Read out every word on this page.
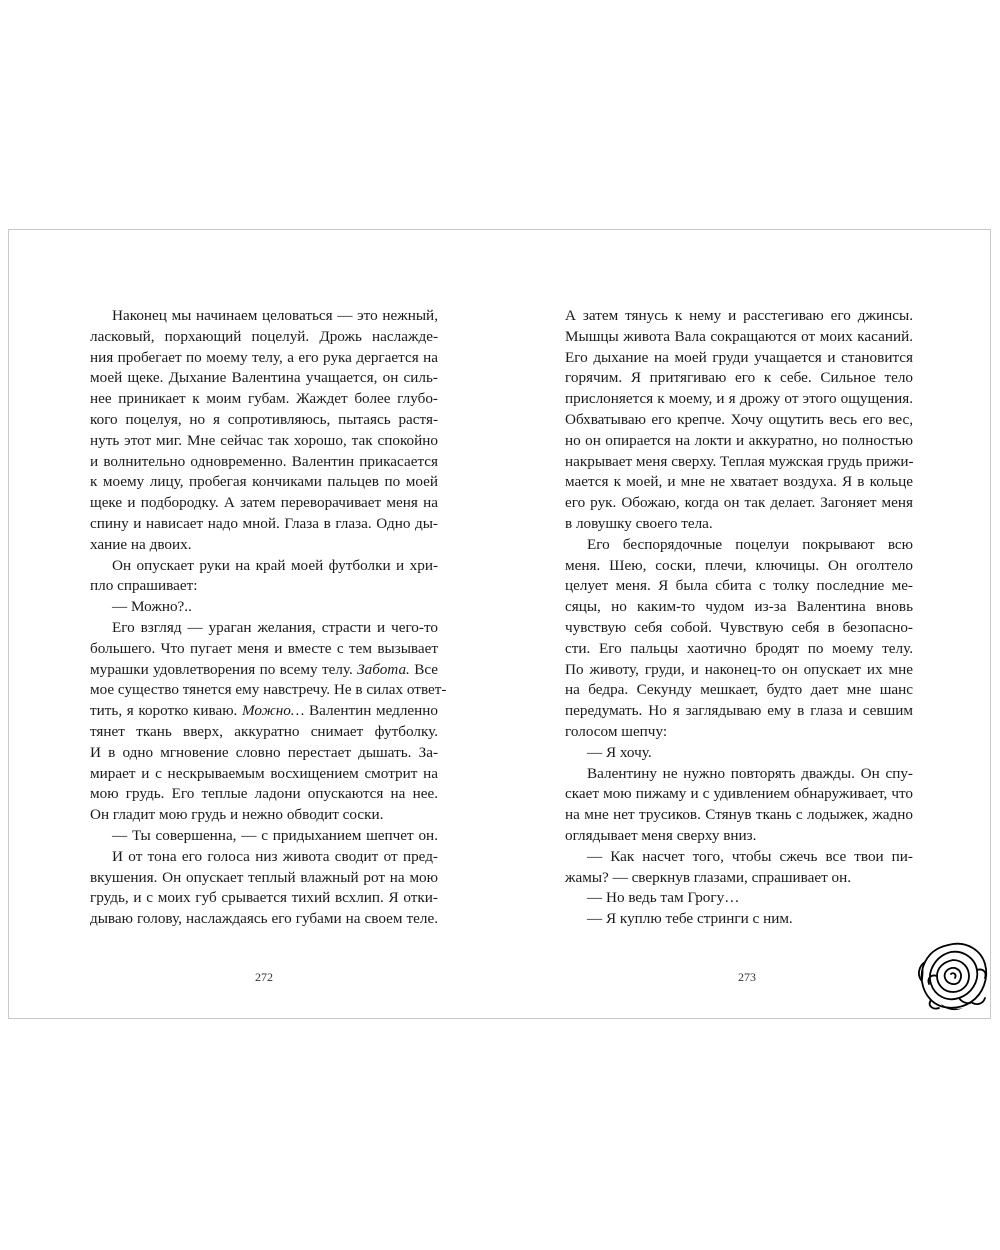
Наконец мы начинаем целоваться — это нежный,
ласковый, порхающий поцелуй. Дрожь наслажде-
ния пробегает по моему телу, а его рука дергается на
моей щеке. Дыхание Валентина учащается, он силь-
нее приникает к моим губам. Жаждет более глубо-
кого поцелуя, но я сопротивляюсь, пытаясь растя-
нуть этот миг. Мне сейчас так хорошо, так спокойно
и волнительно одновременно. Валентин прикасается
к моему лицу, пробегая кончиками пальцев по моей
щеке и подбородку. А затем переворачивает меня на
спину и нависает надо мной. Глаза в глаза. Одно ды-
хание на двоих.
Он опускает руки на край моей футболки и хри-
пло спрашивает:
— Можно?..
Его взгляд — ураган желания, страсти и чего-то
большего. Что пугает меня и вместе с тем вызывает
мурашки удовлетворения по всему телу. Забота. Все
мое существо тянется ему навстречу. Не в силах ответ-
тить, я коротко киваю. Можно… Валентин медленно
тянет ткань вверх, аккуратно снимает футболку.
И в одно мгновение словно перестает дышать. За-
мирает и с нескрываемым восхищением смотрит на
мою грудь. Его теплые ладони опускаются на нее.
Он гладит мою грудь и нежно обводит соски.
— Ты совершенна, — с придыханием шепчет он.
И от тона его голоса низ живота сводит от пред-
вкушения. Он опускает теплый влажный рот на мою
грудь, и с моих губ срывается тихий всхлип. Я отки-
дываю голову, наслаждаясь его губами на своем теле.
А затем тянусь к нему и расстегиваю его джинсы.
Мышцы живота Вала сокращаются от моих касаний.
Его дыхание на моей груди учащается и становится
горячим. Я притягиваю его к себе. Сильное тело
прислоняется к моему, и я дрожу от этого ощущения.
Обхватываю его крепче. Хочу ощутить весь его вес,
но он опирается на локти и аккуратно, но полностью
накрывает меня сверху. Теплая мужская грудь прижи-
мается к моей, и мне не хватает воздуха. Я в кольце
его рук. Обожаю, когда он так делает. Загоняет меня
в ловушку своего тела.
Его беспорядочные поцелуи покрывают всю
меня. Шею, соски, плечи, ключицы. Он оголтело
целует меня. Я была сбита с толку последние ме-
сяцы, но каким-то чудом из-за Валентина вновь
чувствую себя собой. Чувствую себя в безопасно-
сти. Его пальцы хаотично бродят по моему телу.
По животу, груди, и наконец-то он опускает их мне
на бедра. Секунду мешкает, будто дает мне шанс
передумать. Но я заглядываю ему в глаза и севшим
голосом шепчу:
— Я хочу.
Валентину не нужно повторять дважды. Он спу-
скает мою пижаму и с удивлением обнаруживает, что
на мне нет трусиков. Стянув ткань с лодыжек, жадно
оглядывает меня сверху вниз.
— Как насчет того, чтобы сжечь все твои пи-
жамы? — сверкнув глазами, спрашивает он.
— Но ведь там Грогу…
— Я куплю тебе стринги с ним.
272	273
